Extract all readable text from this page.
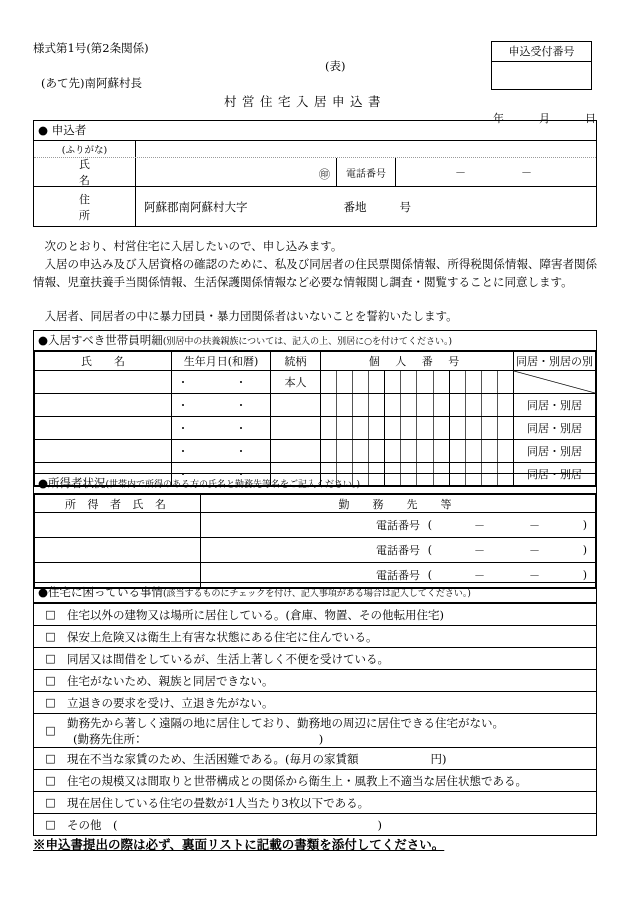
様式第1号(第2条関係)
(表)
(あて先)南阿蘇村長
村営住宅入居申込書
年　月　日
申込受付番号
● 申込者
(ふりがな)
氏　名	㊞	電話番号	－	－
住　所
阿蘇郡南阿蘇村大字	番地	号

次のとおり、村営住宅に入居したいので、申し込みます。

入居の申込み及び入居資格の確認のために、私及び同居者の住民票関係情報、所得税関係情報、障害者関係情報、児童扶養手当関係情報、生活保護関係情報など必要な情報関し調査・閲覧することに同意します。

入居者、同居者の中に暴力団員・暴力団関係者はいないことを誓約いたします。

●入居すべき世帯員明細(別居中の扶養親族については、記入の上、別居に○を付けてください。)
氏　　名	生年月日(和暦)	統柄	個 人 番 号	同居・別居の別
	・　・	本人	

	・　・			同居・別居
	・　・			同居・別居
	・　・			同居・別居
	・　・			同居・別居
●所得者状況(世帯内で所得のある方の氏名と勤務先等名をご記入ください。)
所 得 者 氏 名	勤　務　先　等

	電話番号 ( － － )

	電話番号 ( － － )

	電話番号 ( － － )
●住宅に困っている事情(該当するものにチェックを付け、記入事項がある場合は記入してください。)
□ 住宅以外の建物又は場所に居住している。(倉庫、物置、その他転用住宅)
□ 保安上危険又は衛生上有害な状態にある住宅に住んでいる。
□ 同居又は間借をしているが、生活上著しく不便を受けている。
□ 住宅がないため、親族と同居できない。
□ 立退きの要求を受け、立退き先がない。
□
勤務先から著しく遠隔の地に居住しており、勤務地の周辺に居住できる住宅がない。
(勤務先住所：	)
□ 現在不当な家賃のため、生活困難である。(毎月の家賃額	円)
□ 住宅の規模又は間取りと世帯構成との関係から衛生上・風教上不適当な居住状態である。
□ 現在居住している住宅の畳数が1人当たり3枚以下である。
□ その他　(	)
※申込書提出の際は必ず、裏面リストに記載の書類を添付してください。
